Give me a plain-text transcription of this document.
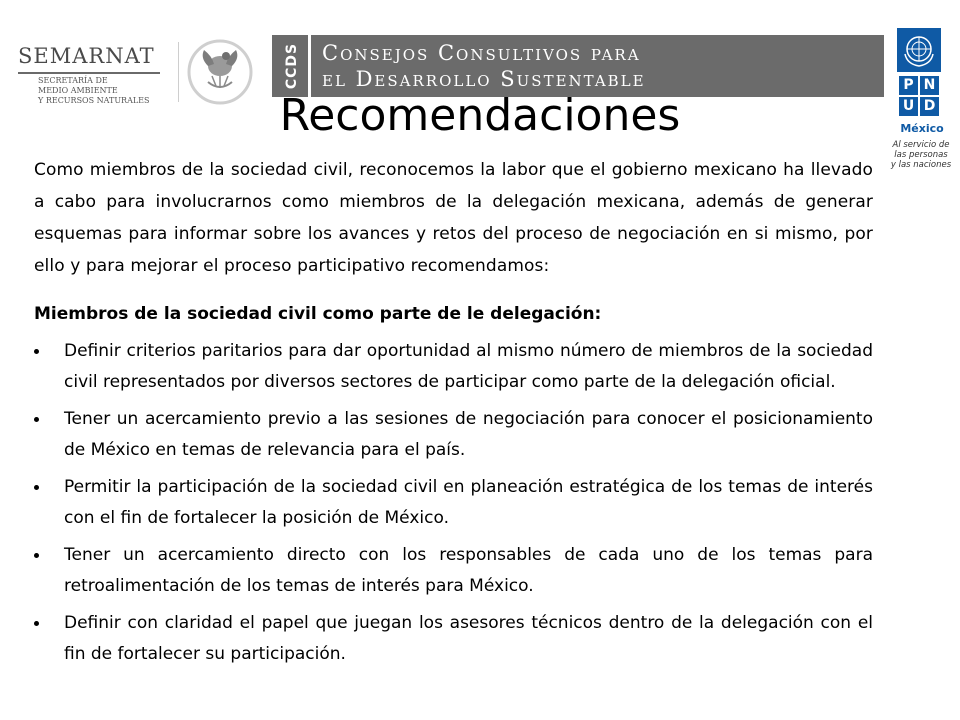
SEMARNAT
SECRETARÍA DE
MEDIO AMBIENTE
Y RECURSOS NATURALES
CCDS Consejos Consultivos para
el Desarrollo Sustentable	P N
U D
México
Al servicio de
las personas
y las naciones
Recomendaciones

Como miembros de la sociedad civil, reconocemos la labor que el gobierno mexicano ha llevado a cabo para involucrarnos como miembros de la delegación mexicana, además de generar esquemas para informar sobre los avances y retos del proceso de negociación en si mismo, por ello y para mejorar el proceso participativo recomendamos:

Miembros de la sociedad civil como parte de le delegación:
Definir criterios paritarios para dar oportunidad al mismo número de miembros de la sociedad civil representados por diversos sectores de participar como parte de la delegación oficial.
Tener un acercamiento previo a las sesiones de negociación para conocer el posicionamiento de México en temas de relevancia para el país.
Permitir la participación de la sociedad civil en planeación estratégica de los temas de interés con el fin de fortalecer la posición de México.
Tener un acercamiento directo con los responsables de cada uno de los temas para retroalimentación de los temas de interés para México.
Definir con claridad el papel que juegan los asesores técnicos dentro de la delegación con el fin de fortalecer su participación.
